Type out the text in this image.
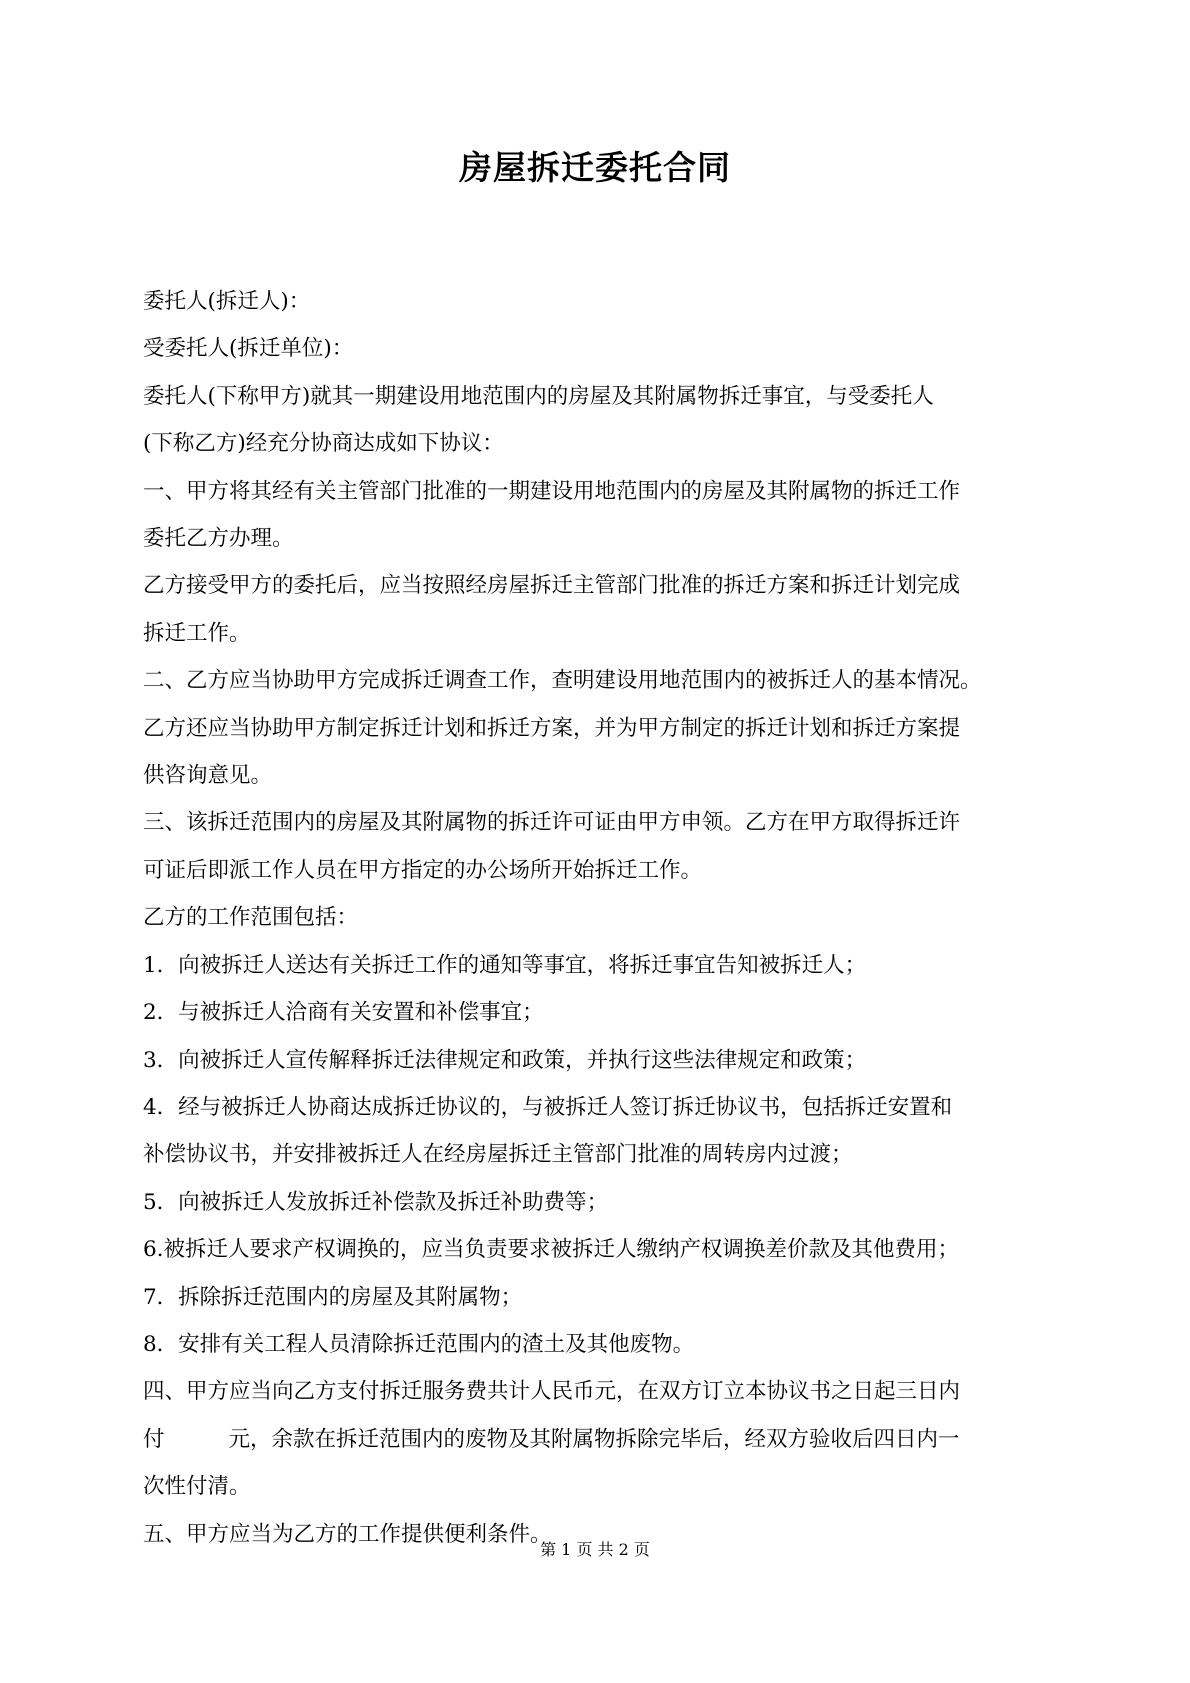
房屋拆迁委托合同

委托人(拆迁人)：

受委托人(拆迁单位)：

委托人(下称甲方)就其一期建设用地范围内的房屋及其附属物拆迁事宜，与受委托人

(下称乙方)经充分协商达成如下协议：

一、甲方将其经有关主管部门批准的一期建设用地范围内的房屋及其附属物的拆迁工作

委托乙方办理。

乙方接受甲方的委托后，应当按照经房屋拆迁主管部门批准的拆迁方案和拆迁计划完成

拆迁工作。

二、乙方应当协助甲方完成拆迁调查工作，查明建设用地范围内的被拆迁人的基本情况。

乙方还应当协助甲方制定拆迁计划和拆迁方案，并为甲方制定的拆迁计划和拆迁方案提

供咨询意见。

三、该拆迁范围内的房屋及其附属物的拆迁许可证由甲方申领。乙方在甲方取得拆迁许

可证后即派工作人员在甲方指定的办公场所开始拆迁工作。

乙方的工作范围包括：

1．向被拆迁人送达有关拆迁工作的通知等事宜，将拆迁事宜告知被拆迁人；

2．与被拆迁人洽商有关安置和补偿事宜；

3．向被拆迁人宣传解释拆迁法律规定和政策，并执行这些法律规定和政策；

4．经与被拆迁人协商达成拆迁协议的，与被拆迁人签订拆迁协议书，包括拆迁安置和

补偿协议书，并安排被拆迁人在经房屋拆迁主管部门批准的周转房内过渡；

5．向被拆迁人发放拆迁补偿款及拆迁补助费等；

6.被拆迁人要求产权调换的，应当负责要求被拆迁人缴纳产权调换差价款及其他费用；

7．拆除拆迁范围内的房屋及其附属物；

8．安排有关工程人员清除拆迁范围内的渣土及其他废物。

四、甲方应当向乙方支付拆迁服务费共计人民币元，在双方订立本协议书之日起三日内

付	元，余款在拆迁范围内的废物及其附属物拆除完毕后，经双方验收后四日内一

次性付清。

五、甲方应当为乙方的工作提供便利条件。

第 1 页 共 2 页
